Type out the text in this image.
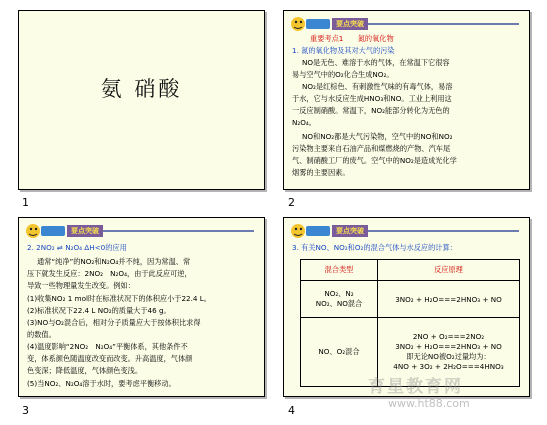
氨 硝酸
1
要点突破
重要考点1　　氮的氧化物
1. 氮的氧化物及其对大气的污染
NO是无色、难溶于水的气体，在常温下它很容
易与空气中的O₂化合生成NO₂。
NO₂是红棕色、有刺激性气味的有毒气体，易溶
于水，它与水反应生成HNO₃和NO。工业上利用这
一反应制硝酸。常温下，NO₂能部分转化为无色的
N₂O₄。
NO和NO₂都是大气污染物，空气中的NO和NO₂
污染物主要来自石油产品和煤燃烧的产物、汽车尾
气、制硝酸工厂的废气。空气中的NO₂是造成光化学
烟雾的主要因素。
2
要点突破
2. 2NO₂ ⇌ N₂O₄ ΔH<0的应用
通常“纯净”的NO₂和N₂O₄并不纯，因为常温、常
压下就发生反应：2NO₂　N₂O₄，由于此反应可逆，
导致一些物理量发生改变。例如：
(1)收集NO₂ 1 mol时在标准状况下的体积应小于22.4 L。
(2)标准状况下22.4 L NO₂的质量大于46 g。
(3)NO与O₂混合后，相对分子质量应大于按体积比求得
的数值。
(4)温度影响“2NO₂　N₂O₄”平衡体系，其他条件不
变，体系颜色随温度改变而改变。升高温度，气体颜
色变深；降低温度，气体颜色变浅。
(5)当NO₂、N₂O₄溶于水时，要考虑平衡移动。
3
要点突破
3. 有关NO、NO₂和O₂的混合气体与水反应的计算：
混合类型	反应原理
NO₂、N₂
NO₂、NO混合	3NO₂ + H₂O===2HNO₃ + NO
NO、O₂混合	2NO + O₂===2NO₂
3NO₂ + H₂O===2HNO₃ + NO
即无论NO被O₂过量均为：
4NO + 3O₂ + 2H₂O===4HNO₃
4
育星教育网
www.ht88.com
